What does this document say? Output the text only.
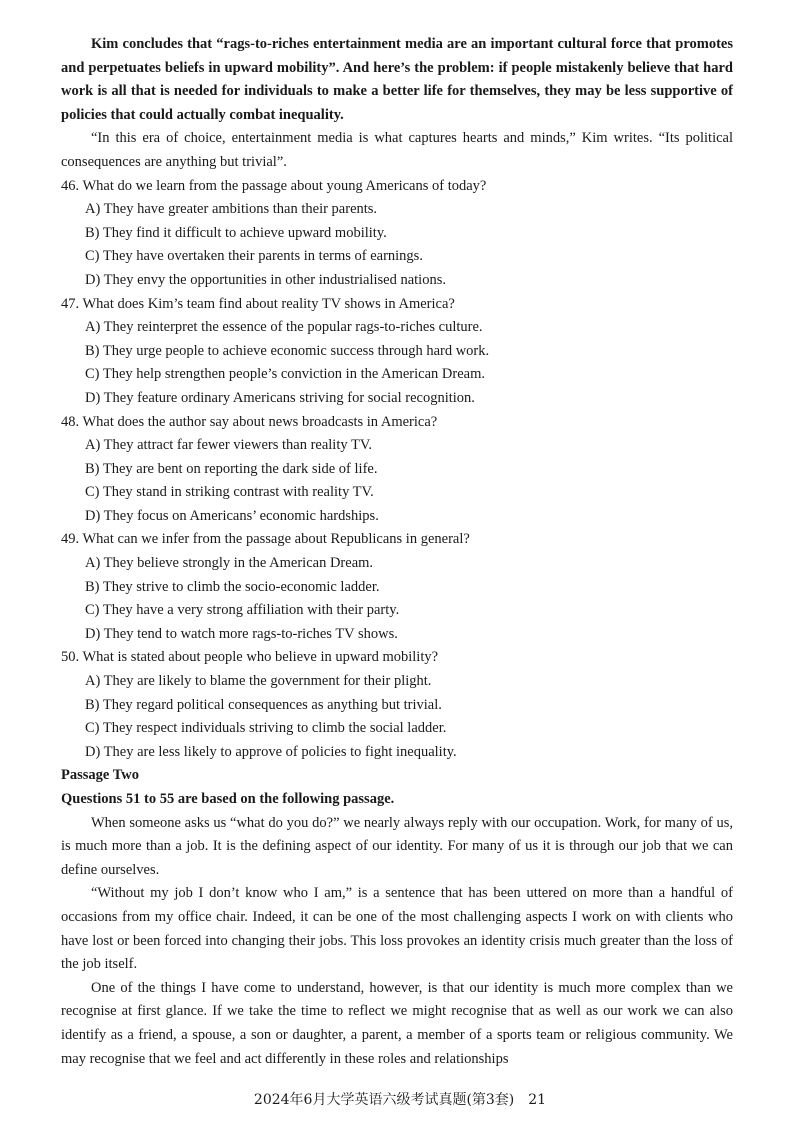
Kim concludes that “rags-to-riches entertainment media are an important cultural force that promotes and perpetuates beliefs in upward mobility”. And here’s the problem: if people mistakenly believe that hard work is all that is needed for individuals to make a better life for themselves, they may be less supportive of policies that could actually combat inequality.

“In this era of choice, entertainment media is what captures hearts and minds,” Kim writes. “Its political consequences are anything but trivial”.

46. What do we learn from the passage about young Americans of today?
A) They have greater ambitions than their parents.
B) They find it difficult to achieve upward mobility.
C) They have overtaken their parents in terms of earnings.
D) They envy the opportunities in other industrialised nations.
47. What does Kim’s team find about reality TV shows in America?
A) They reinterpret the essence of the popular rags-to-riches culture.
B) They urge people to achieve economic success through hard work.
C) They help strengthen people’s conviction in the American Dream.
D) They feature ordinary Americans striving for social recognition.
48. What does the author say about news broadcasts in America?
A) They attract far fewer viewers than reality TV.
B) They are bent on reporting the dark side of life.
C) They stand in striking contrast with reality TV.
D) They focus on Americans’ economic hardships.
49. What can we infer from the passage about Republicans in general?
A) They believe strongly in the American Dream.
B) They strive to climb the socio-economic ladder.
C) They have a very strong affiliation with their party.
D) They tend to watch more rags-to-riches TV shows.
50. What is stated about people who believe in upward mobility?
A) They are likely to blame the government for their plight.
B) They regard political consequences as anything but trivial.
C) They respect individuals striving to climb the social ladder.
D) They are less likely to approve of policies to fight inequality.
Passage Two
Questions 51 to 55 are based on the following passage.

When someone asks us “what do you do?” we nearly always reply with our occupation. Work, for many of us, is much more than a job. It is the defining aspect of our identity. For many of us it is through our job that we can define ourselves.

“Without my job I don’t know who I am,” is a sentence that has been uttered on more than a handful of occasions from my office chair. Indeed, it can be one of the most challenging aspects I work on with clients who have lost or been forced into changing their jobs. This loss provokes an identity crisis much greater than the loss of the job itself.

One of the things I have come to understand, however, is that our identity is much more complex than we recognise at first glance. If we take the time to reflect we might recognise that as well as our work we can also identify as a friend, a spouse, a son or daughter, a parent, a member of a sports team or religious community. We may recognise that we feel and act differently in these roles and relationships

2024年6月大学英语六级考试真题(第3套)　21
